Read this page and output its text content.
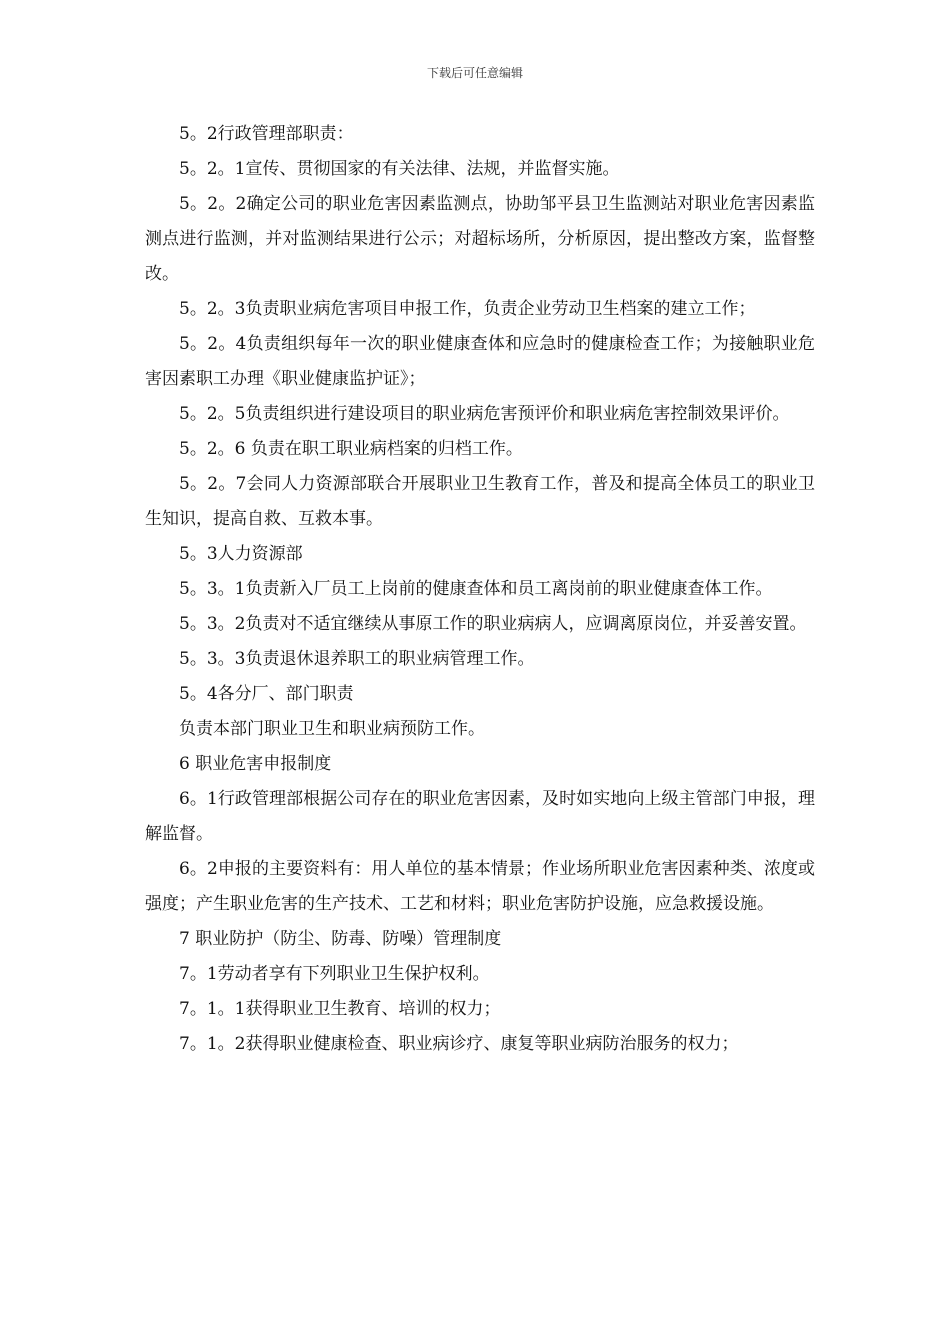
下载后可任意编辑

5。2行政管理部职责：

5。2。1宣传、贯彻国家的有关法律、法规，并监督实施。

5。2。2确定公司的职业危害因素监测点，协助邹平县卫生监测站对职业危害因素监测点进行监测，并对监测结果进行公示；对超标场所，分析原因，提出整改方案，监督整改。

5。2。3负责职业病危害项目申报工作，负责企业劳动卫生档案的建立工作；

5。2。4负责组织每年一次的职业健康查体和应急时的健康检查工作；为接触职业危害因素职工办理《职业健康监护证》；

5。2。5负责组织进行建设项目的职业病危害预评价和职业病危害控制效果评价。

5。2。6 负责在职工职业病档案的归档工作。

5。2。7会同人力资源部联合开展职业卫生教育工作，普及和提高全体员工的职业卫生知识，提高自救、互救本事。

5。3人力资源部

5。3。1负责新入厂员工上岗前的健康查体和员工离岗前的职业健康查体工作。

5。3。2负责对不适宜继续从事原工作的职业病病人，应调离原岗位，并妥善安置。

5。3。3负责退休退养职工的职业病管理工作。

5。4各分厂、部门职责

负责本部门职业卫生和职业病预防工作。

6 职业危害申报制度

6。1行政管理部根据公司存在的职业危害因素，及时如实地向上级主管部门申报，理解监督。

6。2申报的主要资料有：用人单位的基本情景；作业场所职业危害因素种类、浓度或强度；产生职业危害的生产技术、工艺和材料；职业危害防护设施，应急救援设施。

7 职业防护（防尘、防毒、防噪）管理制度

7。1劳动者享有下列职业卫生保护权利。

7。1。1获得职业卫生教育、培训的权力；

7。1。2获得职业健康检查、职业病诊疗、康复等职业病防治服务的权力；
